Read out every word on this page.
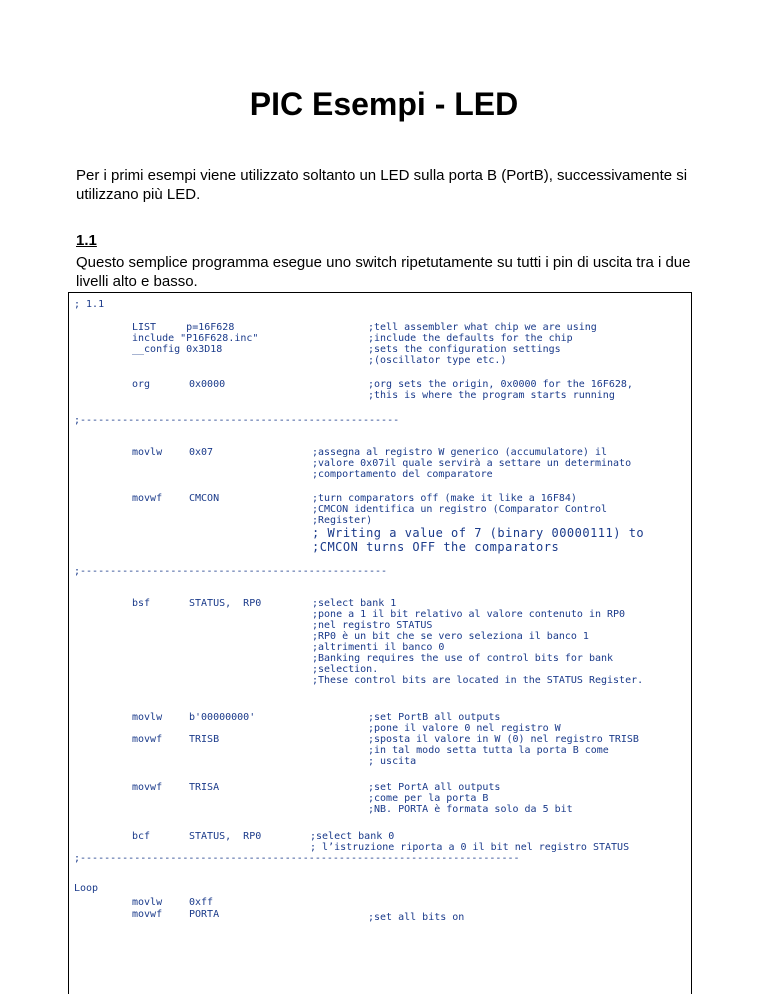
PIC Esempi - LED

Per i primi esempi viene utilizzato soltanto un LED sulla porta B (PortB), successivamente si utilizzano più LED.

1.1

Questo semplice programma esegue uno switch ripetutamente su tutti i pin di uscita tra i due livelli alto e basso.

; 1.1
LIST     p=16F628	;tell assembler what chip we are using
include "P16F628.inc"	;include the defaults for the chip
__config 0x3D18	;sets the configuration settings
;(oscillator type etc.)
org	0x0000	;org sets the origin, 0x0000 for the 16F628,
;this is where the program starts running
;-----------------------------------------------------
movlw	0x07	;assegna al registro W generico (accumulatore) il
;valore 0x07il quale servirà a settare un determinato
;comportamento del comparatore
movwf	CMCON	;turn comparators off (make it like a 16F84)
;CMCON identifica un registro (Comparator Control
;Register)
; Writing a value of 7 (binary 00000111) to
;CMCON turns OFF the comparators
;---------------------------------------------------
bsf	STATUS,  RP0	;select bank 1
;pone a 1 il bit relativo al valore contenuto in RP0
;nel registro STATUS
;RP0 è un bit che se vero seleziona il banco 1
;altrimenti il banco 0
;Banking requires the use of control bits for bank
;selection.
;These control bits are located in the STATUS Register.
movlw	b'00000000'	;set PortB all outputs
;pone il valore 0 nel registro W
movwf	TRISB	;sposta il valore in W (0) nel registro TRISB
;in tal modo setta tutta la porta B come
; uscita
movwf	TRISA	;set PortA all outputs
;come per la porta B
;NB. PORTA è formata solo da 5 bit
bcf	STATUS,  RP0	;select bank 0
; l’istruzione riporta a 0 il bit nel registro STATUS
;-------------------------------------------------------------------------
Loop
movlw	0xff
movwf	PORTA	;set all bits on
